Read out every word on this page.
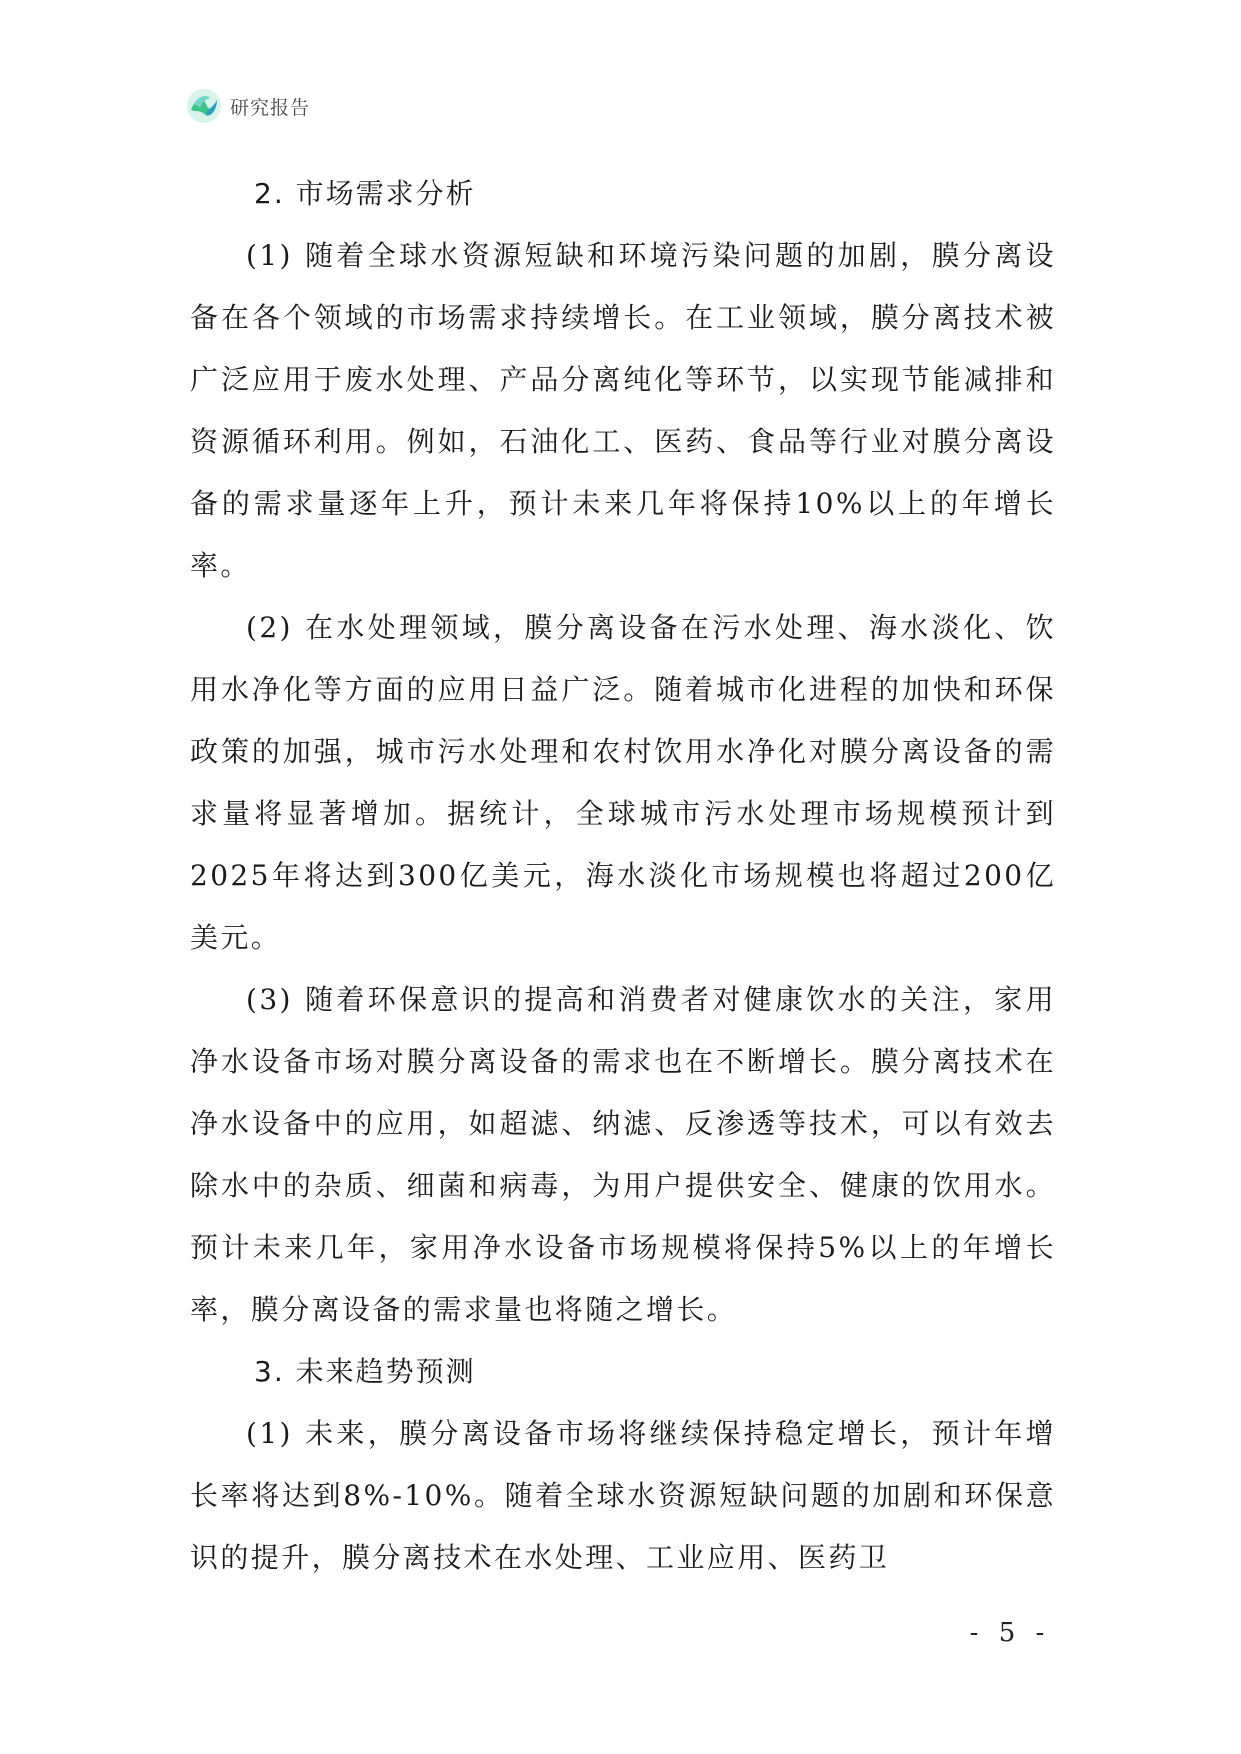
研究报告

2. 市场需求分析

(1) 随着全球水资源短缺和环境污染问题的加剧，膜分离设备在各个领域的市场需求持续增长。在工业领域，膜分离技术被广泛应用于废水处理、产品分离纯化等环节，以实现节能减排和资源循环利用。例如，石油化工、医药、食品等行业对膜分离设备的需求量逐年上升，预计未来几年将保持10%以上的年增长率。

(2) 在水处理领域，膜分离设备在污水处理、海水淡化、饮用水净化等方面的应用日益广泛。随着城市化进程的加快和环保政策的加强，城市污水处理和农村饮用水净化对膜分离设备的需求量将显著增加。据统计，全球城市污水处理市场规模预计到2025年将达到300亿美元，海水淡化市场规模也将超过200亿美元。

(3) 随着环保意识的提高和消费者对健康饮水的关注，家用净水设备市场对膜分离设备的需求也在不断增长。膜分离技术在净水设备中的应用，如超滤、纳滤、反渗透等技术，可以有效去除水中的杂质、细菌和病毒，为用户提供安全、健康的饮用水。预计未来几年，家用净水设备市场规模将保持5%以上的年增长率，膜分离设备的需求量也将随之增长。

3. 未来趋势预测

(1) 未来，膜分离设备市场将继续保持稳定增长，预计年增长率将达到8%-10%。随着全球水资源短缺问题的加剧和环保意识的提升，膜分离技术在水处理、工业应用、医药卫

- 5 -
